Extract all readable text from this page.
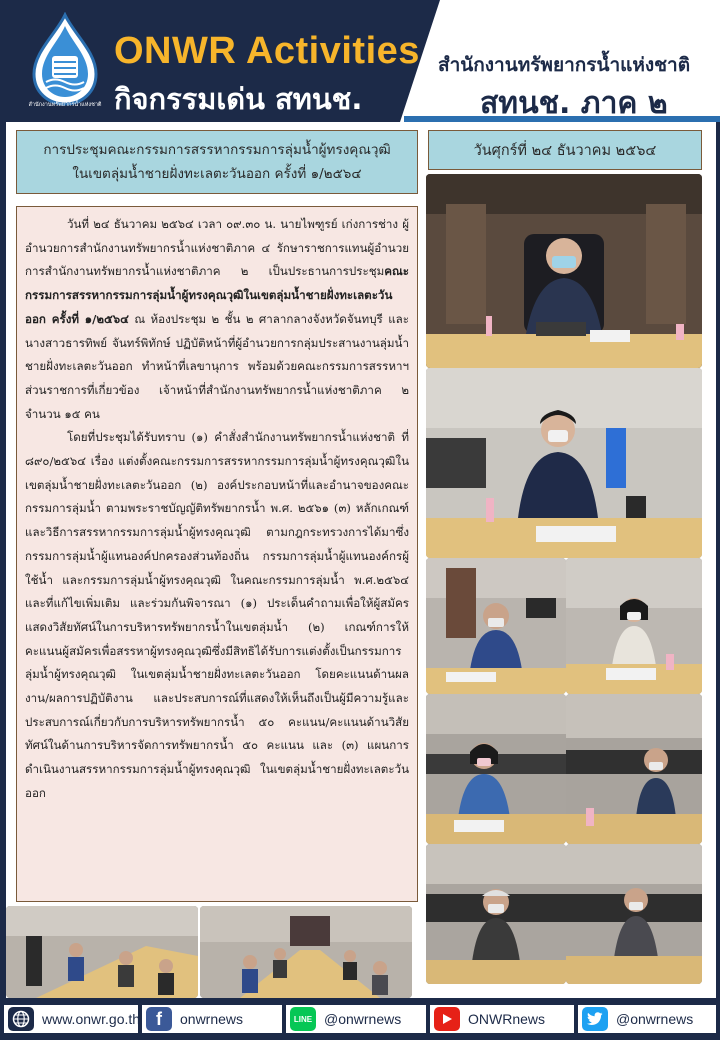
สำนักงานทรัพยากรน้ำแห่งชาติ
ONWR Activities
กิจกรรมเด่น สทนช.
สำนักงานทรัพยากรน้ำแห่งชาติ
สทนช. ภาค ๒
การประชุมคณะกรรมการสรรหากรรมการลุ่มน้ำผู้ทรงคุณวุฒิ
ในเขตลุ่มน้ำชายฝั่งทะเลตะวันออก ครั้งที่ ๑/๒๕๖๔
วันศุกร์ที่ ๒๔ ธันวาคม ๒๕๖๔

วันที่ ๒๔ ธันวาคม ๒๕๖๔ เวลา ๐๙.๓๐ น. นายไพฑูรย์ เก่งการช่าง ผู้อำนวยการสำนักงานทรัพยากรน้ำแห่งชาติภาค ๔ รักษาราชการแทนผู้อำนวยการสำนักงานทรัพยากรน้ำแห่งชาติภาค ๒ เป็นประธานการประชุมคณะกรรมการสรรหากรรมการลุ่มน้ำผู้ทรงคุณวุฒิในเขตลุ่มน้ำชายฝั่งทะเลตะวันออก ครั้งที่ ๑/๒๕๖๔ ณ ห้องประชุม ๒ ชั้น ๒ ศาลากลางจังหวัดจันทบุรี และนางสาวธารทิพย์ จันทร์พิทักษ์ ปฏิบัติหน้าที่ผู้อำนวยการกลุ่มประสานงานลุ่มน้ำชายฝั่งทะเลตะวันออก ทำหน้าที่เลขานุการ พร้อมด้วยคณะกรรมการสรรหาฯ ส่วนราชการที่เกี่ยวข้อง เจ้าหน้าที่สำนักงานทรัพยากรน้ำแห่งชาติภาค ๒ จำนวน ๑๕ คน

โดยที่ประชุมได้รับทราบ (๑) คำสั่งสำนักงานทรัพยากรน้ำแห่งชาติ ที่ ๘๙๐/๒๕๖๔ เรื่อง แต่งตั้งคณะกรรมการสรรหากรรมการลุ่มน้ำผู้ทรงคุณวุฒิในเขตลุ่มน้ำชายฝั่งทะเลตะวันออก (๒) องค์ประกอบหน้าที่และอำนาจของคณะกรรมการลุ่มน้ำ ตามพระราชบัญญัติทรัพยากรน้ำ พ.ศ. ๒๕๖๑ (๓) หลักเกณฑ์ และวิธีการสรรหากรรมการลุ่มน้ำผู้ทรงคุณวุฒิ ตามกฎกระทรวงการได้มาซึ่งกรรมการลุ่มน้ำผู้แทนองค์ปกครองส่วนท้องถิ่น กรรมการลุ่มน้ำผู้แทนองค์กรผู้ใช้น้ำ และกรรมการลุ่มน้ำผู้ทรงคุณวุฒิ ในคณะกรรมการลุ่มน้ำ พ.ศ.๒๕๖๔ และที่แก้ไขเพิ่มเติม และร่วมกันพิจารณา (๑) ประเด็นคำถามเพื่อให้ผู้สมัครแสดงวิสัยทัศน์ในการบริหารทรัพยากรน้ำในเขตลุ่มน้ำ (๒) เกณฑ์การให้คะแนนผู้สมัครเพื่อสรรหาผู้ทรงคุณวุฒิซึ่งมีสิทธิได้รับการแต่งตั้งเป็นกรรมการลุ่มน้ำผู้ทรงคุณวุฒิ ในเขตลุ่มน้ำชายฝั่งทะเลตะวันออก โดยคะแนนด้านผลงาน/ผลการปฏิบัติงาน และประสบการณ์ที่แสดงให้เห็นถึงเป็นผู้มีความรู้และประสบการณ์เกี่ยวกับการบริหารทรัพยากรน้ำ ๕๐ คะแนน/คะแนนด้านวิสัยทัศน์ในด้านการบริหารจัดการทรัพยากรน้ำ ๕๐ คะแนน และ (๓) แผนการดำเนินงานสรรหากรรมการลุ่มน้ำผู้ทรงคุณวุฒิ ในเขตลุ่มน้ำชายฝั่งทะเลตะวันออก

www.onwr.go.th f	onwrnews	LINE @onwrnews	ONWRnews	@onwrnews
